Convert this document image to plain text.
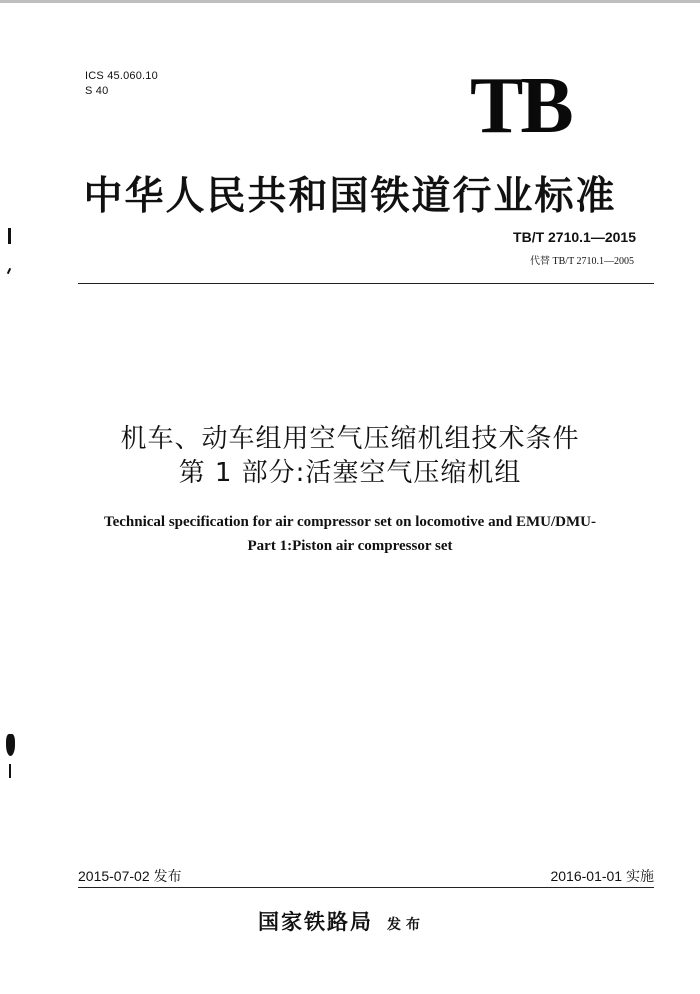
ICS 45.060.10
S 40	TB
中华人民共和国铁道行业标准
TB/T 2710.1—2015
代替 TB/T 2710.1—2005
机车、动车组用空气压缩机组技术条件
第 1 部分:活塞空气压缩机组
Technical specification for air compressor set on locomotive and EMU/DMU-
Part 1:Piston air compressor set
2015-07-02 发布	2016-01-01 实施
国家铁路局 发布
